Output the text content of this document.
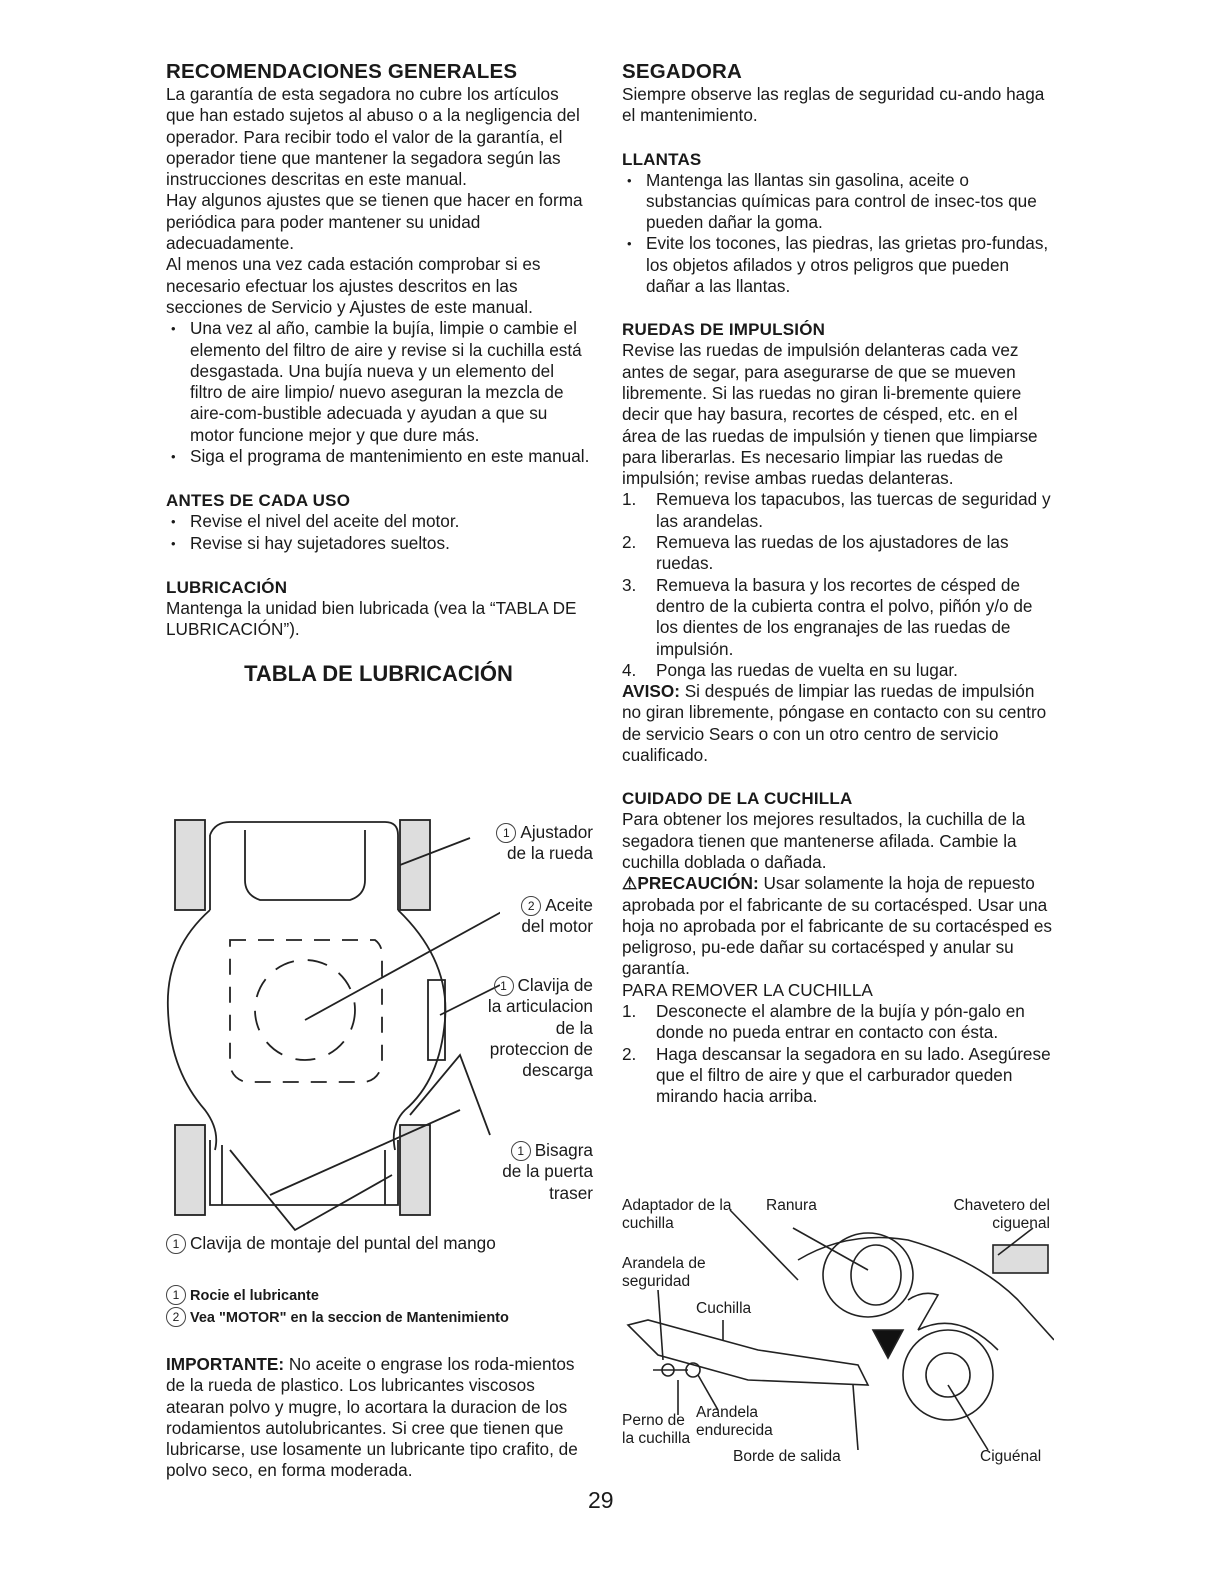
RECOMENDACIONES GENERALES

La garantía de esta segadora no cubre los artículos que han estado sujetos al abuso o a la negligencia del operador. Para recibir todo el valor de la garantía, el operador tiene que mantener la segadora según las instrucciones descritas en este manual.

Hay algunos ajustes que se tienen que hacer en forma periódica para poder mantener su unidad adecuadamente.

Al menos una vez cada estación comprobar si es necesario efectuar los ajustes descritos en las secciones de Servicio y Ajustes de este manual.

• Una vez al año, cambie la bujía, limpie o cambie el elemento del filtro de aire y revise si la cuchilla está desgastada. Una bujía nueva y un elemento del filtro de aire limpio/ nuevo aseguran la mezcla de aire-com-bustible adecuada y ayudan a que su motor funcione mejor y que dure más.
• Siga el programa de mantenimiento en este manual.
ANTES DE CADA USO
• Revise el nivel del aceite del motor.
• Revise si hay sujetadores sueltos.
LUBRICACIÓN

Mantenga la unidad bien lubricada (vea la “TABLA DE LUBRICACIÓN”).

TABLA DE LUBRICACIÓN
1 Ajustador de la rueda
2 Aceite del motor
1 Clavija de la articulacion de la proteccion de descarga
1 Bisagra de la puerta traser
1 Clavija de montaje del puntal del mango
1 Rocie el lubricante
2 Vea "MOTOR" en la seccion de Mantenimiento

IMPORTANTE: No aceite o engrase los roda-mientos de la rueda de plastico. Los lubricantes viscosos atearan polvo y mugre, lo acortara la duracion de los rodamientos autolubricantes. Si cree que tienen que lubricarse, use losamente un lubricante tipo crafito, de polvo seco, en forma moderada.

SEGADORA

Siempre observe las reglas de seguridad cu-ando haga el mantenimiento.

LLANTAS
• Mantenga las llantas sin gasolina, aceite o substancias químicas para control de insec-tos que pueden dañar la goma.
• Evite los tocones, las piedras, las grietas pro-fundas, los objetos afilados y otros peligros que pueden dañar a las llantas.
RUEDAS DE IMPULSIÓN

Revise las ruedas de impulsión delanteras cada vez antes de segar, para asegurarse de que se mueven libremente. Si las ruedas no giran li-bremente quiere decir que hay basura, recortes de césped, etc. en el área de las ruedas de impulsión y tienen que limpiarse para liberarlas. Es necesario limpiar las ruedas de impulsión; revise ambas ruedas delanteras.

1. Remueva los tapacubos, las tuercas de seguridad y las arandelas.
2. Remueva las ruedas de los ajustadores de las ruedas.
3. Remueva la basura y los recortes de césped de dentro de la cubierta contra el polvo, piñón y/o de los dientes de los engranajes de las ruedas de impulsión.
4. Ponga las ruedas de vuelta en su lugar.

AVISO: Si después de limpiar las ruedas de impulsión no giran libremente, póngase en contacto con su centro de servicio Sears o con un otro centro de servicio cualificado.

CUIDADO DE LA CUCHILLA

Para obtener los mejores resultados, la cuchilla de la segadora tienen que mantenerse afilada. Cambie la cuchilla doblada o dañada.

⚠PRECAUCIÓN: Usar solamente la hoja de repuesto aprobada por el fabricante de su cortacésped. Usar una hoja no aprobada por el fabricante de su cortacésped es peligroso, pu-ede dañar su cortacésped y anular su garantía.

PARA REMOVER LA CUCHILLA

1. Desconecte el alambre de la bujía y pón-galo en donde no pueda entrar en contacto con ésta.
2. Haga descansar la segadora en su lado. Asegúrese que el filtro de aire y que el carburador queden mirando hacia arriba.
Adaptador de la cuchilla
Ranura	Chavetero del ciguenal
Arandela de seguridad
Cuchilla
Perno de la cuchilla
Arandela endurecida
Borde de salida	Ciguénal
29
